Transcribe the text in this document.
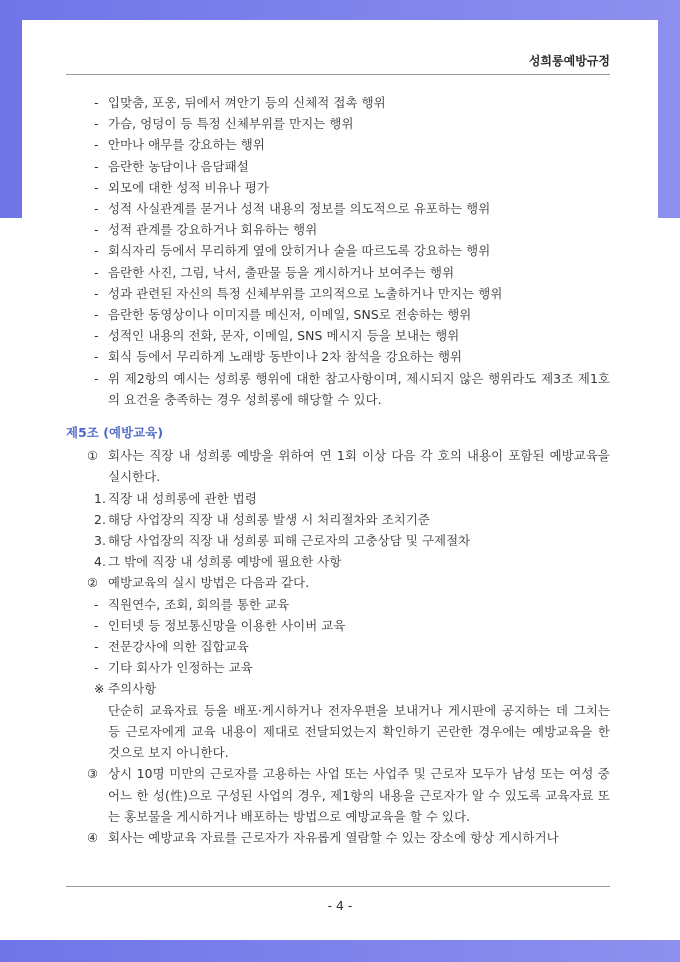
성희롱예방규정
- 입맞춤, 포옹, 뒤에서 껴안기 등의 신체적 접촉 행위
- 가슴, 엉덩이 등 특정 신체부위를 만지는 행위
- 안마나 애무를 강요하는 행위
- 음란한 농담이나 음담패설
- 외모에 대한 성적 비유나 평가
- 성적 사실관계를 묻거나 성적 내용의 정보를 의도적으로 유포하는 행위
- 성적 관계를 강요하거나 회유하는 행위
- 회식자리 등에서 무리하게 옆에 앉히거나 술을 따르도록 강요하는 행위
- 음란한 사진, 그림, 낙서, 출판물 등을 게시하거나 보여주는 행위
- 성과 관련된 자신의 특정 신체부위를 고의적으로 노출하거나 만지는 행위
- 음란한 동영상이나 이미지를 메신저, 이메일, SNS로 전송하는 행위
- 성적인 내용의 전화, 문자, 이메일, SNS 메시지 등을 보내는 행위
- 회식 등에서 무리하게 노래방 동반이나 2차 참석을 강요하는 행위
- 위 제2항의 예시는 성희롱 행위에 대한 참고사항이며, 제시되지 않은 행위라도 제3조 제1호의 요건을 충족하는 경우 성희롱에 해당할 수 있다.
제5조 (예방교육)
① 회사는 직장 내 성희롱 예방을 위하여 연 1회 이상 다음 각 호의 내용이 포함된 예방교육을 실시한다.
1. 직장 내 성희롱에 관한 법령
2. 해당 사업장의 직장 내 성희롱 발생 시 처리절차와 조치기준
3. 해당 사업장의 직장 내 성희롱 피해 근로자의 고충상담 및 구제절차
4. 그 밖에 직장 내 성희롱 예방에 필요한 사항
② 예방교육의 실시 방법은 다음과 같다.
- 직원연수, 조회, 회의를 통한 교육
- 인터넷 등 정보통신망을 이용한 사이버 교육
- 전문강사에 의한 집합교육
- 기타 회사가 인정하는 교육
※ 주의사항
단순히 교육자료 등을 배포·게시하거나 전자우편을 보내거나 게시판에 공지하는 데 그치는 등 근로자에게 교육 내용이 제대로 전달되었는지 확인하기 곤란한 경우에는 예방교육을 한 것으로 보지 아니한다.
③ 상시 10명 미만의 근로자를 고용하는 사업 또는 사업주 및 근로자 모두가 남성 또는 여성 중 어느 한 성(性)으로 구성된 사업의 경우, 제1항의 내용을 근로자가 알 수 있도록 교육자료 또는 홍보물을 게시하거나 배포하는 방법으로 예방교육을 할 수 있다.
④ 회사는 예방교육 자료를 근로자가 자유롭게 열람할 수 있는 장소에 항상 게시하거나
- 4 -
